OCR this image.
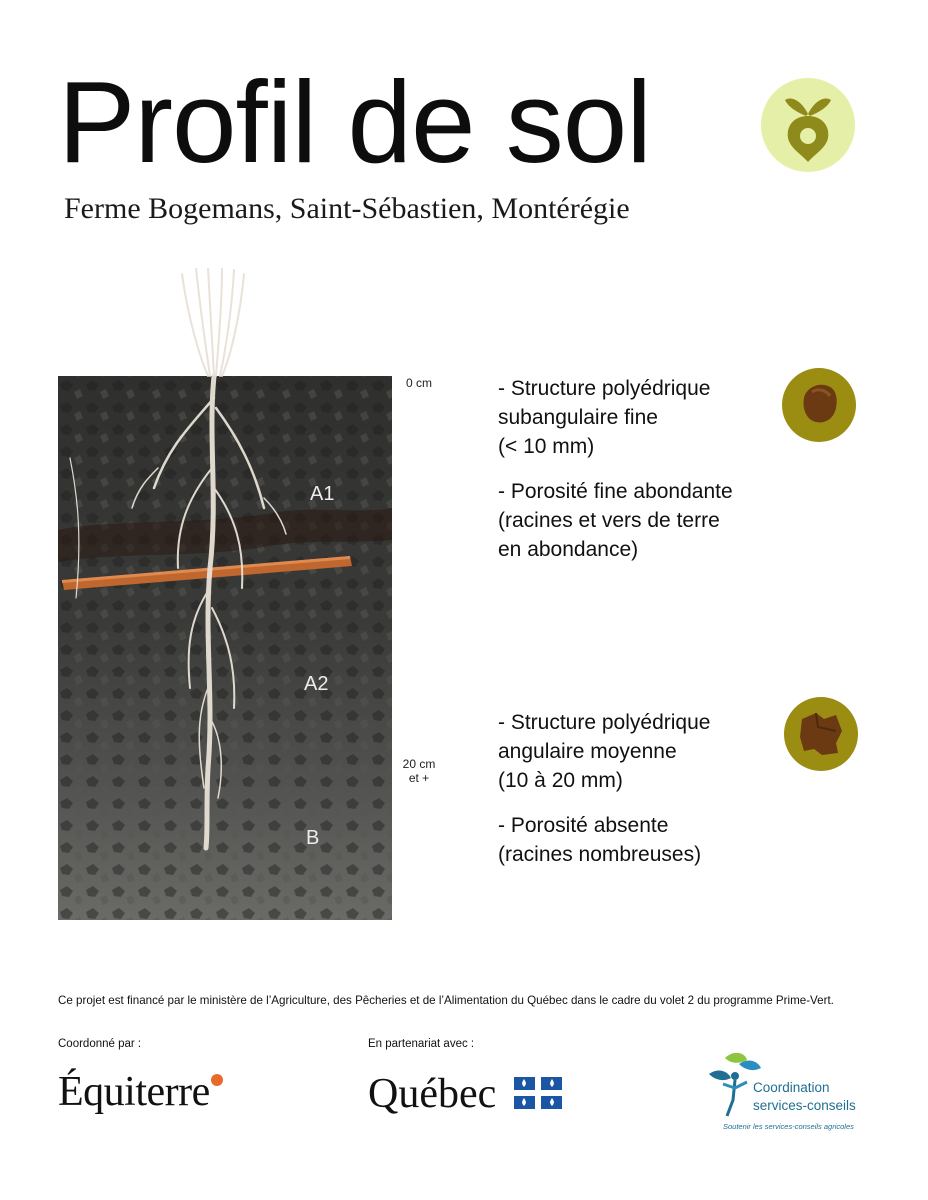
Profil de sol
Ferme Bogemans, Saint-Sébastien, Montérégie
A1
A2
B
0 cm
20 cm
et +

- Structure polyédrique
subangulaire fine
(< 10 mm)

- Porosité fine abondante
(racines et vers de terre
en abondance)

- Structure polyédrique
angulaire moyenne
(10 à 20 mm)

- Porosité absente
(racines nombreuses)

Ce projet est financé par le ministère de l’Agriculture, des Pêcheries et de l’Alimentation du Québec dans le cadre du volet 2 du programme Prime-Vert.
Coordonné par :	En partenariat avec :
Équiterre	Québec	Coordination
services-conseils
Soutenir les services-conseils agricoles
